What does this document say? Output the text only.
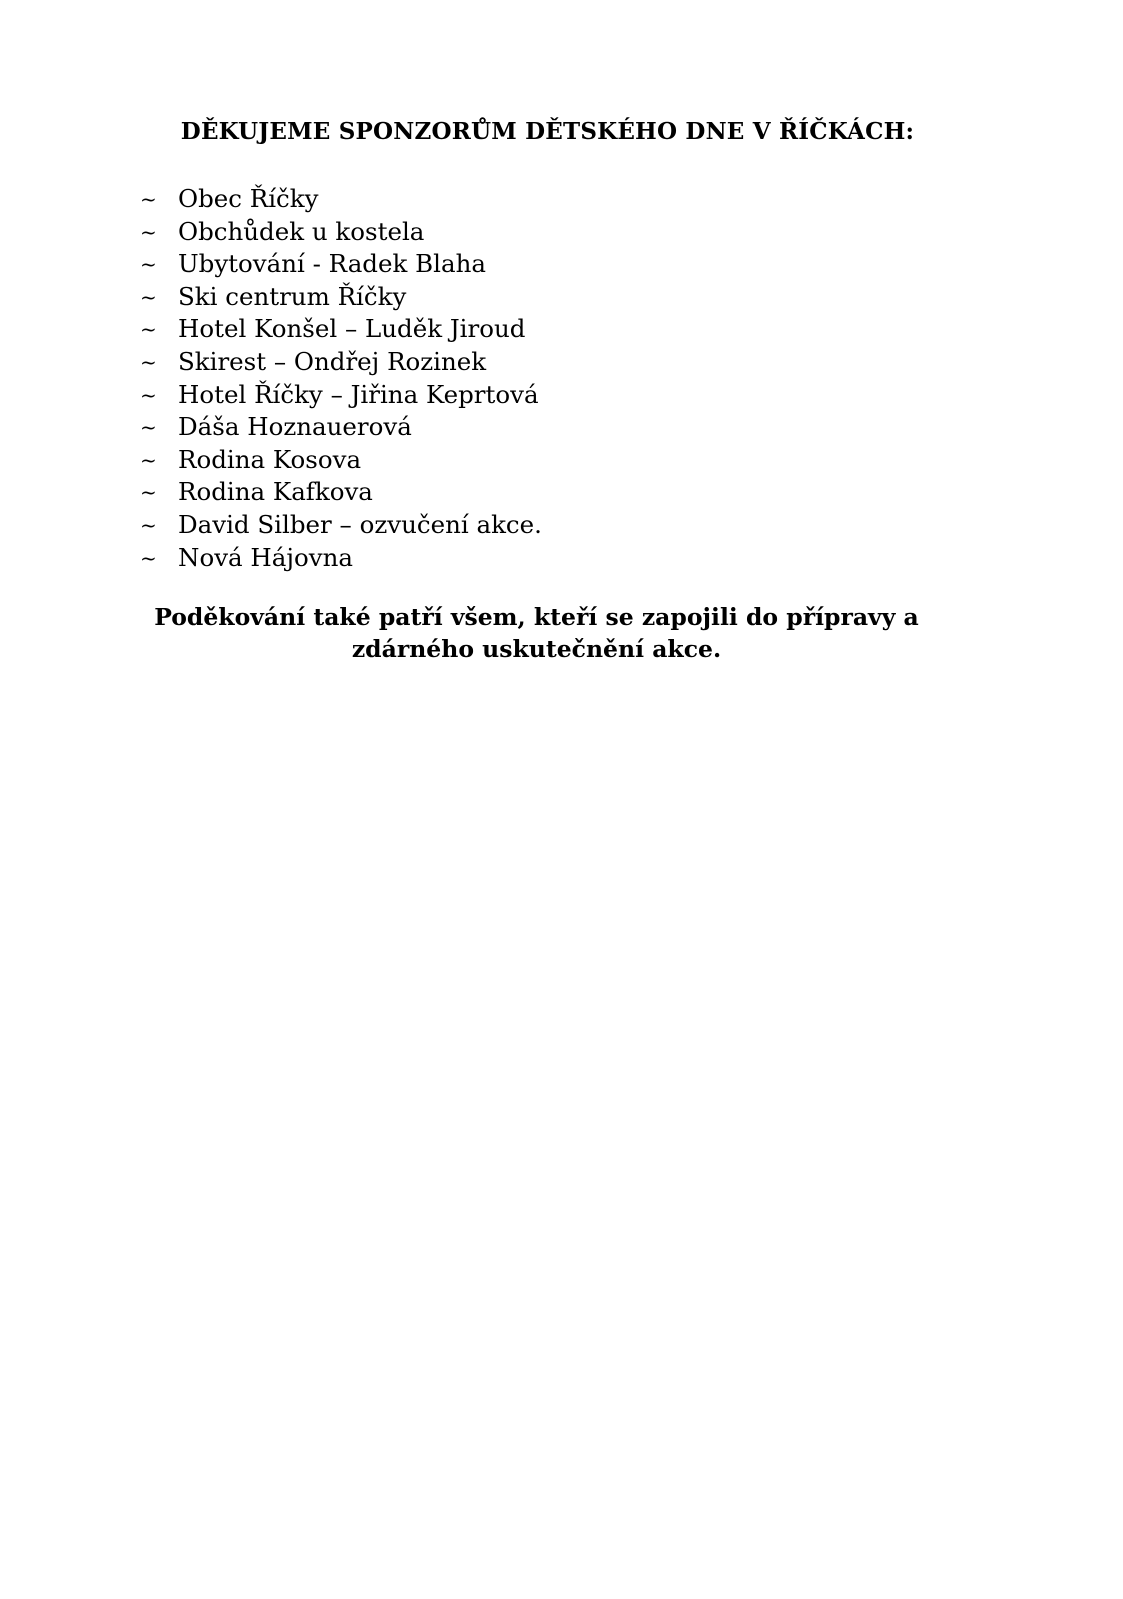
DĚKUJEME SPONZORŮM DĚTSKÉHO DNE V ŘÍČKÁCH:
~ Obec Říčky
~ Obchůdek u kostela
~ Ubytování - Radek Blaha
~ Ski centrum Říčky
~ Hotel Konšel – Luděk Jiroud
~ Skirest – Ondřej Rozinek
~ Hotel Říčky – Jiřina Keprtová
~ Dáša Hoznauerová
~ Rodina Kosova
~ Rodina Kafkova
~ David Silber – ozvučení akce.
~ Nová Hájovna

Poděkování také patří všem, kteří se zapojili do přípravy a
zdárného uskutečnění akce.
